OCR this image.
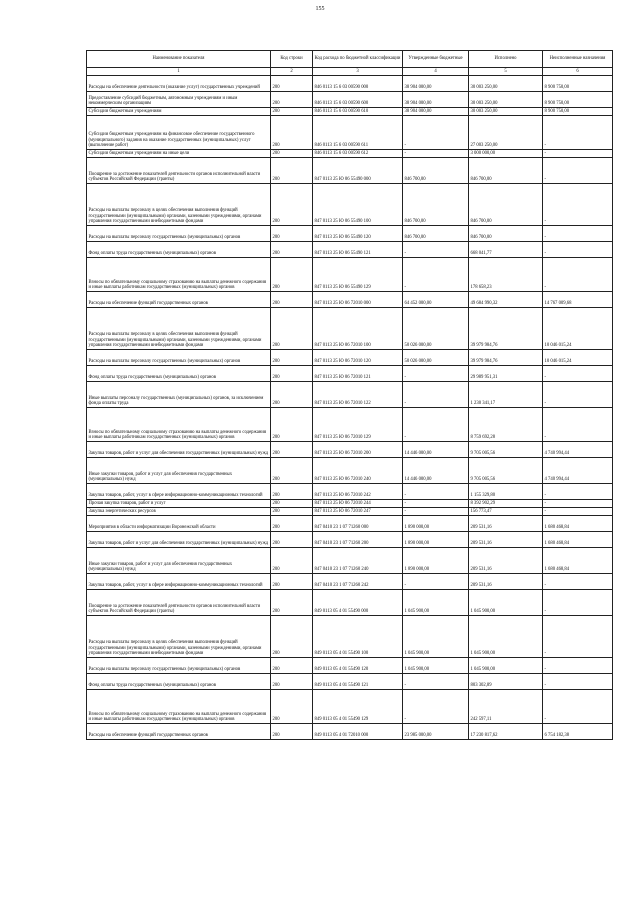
155
Наименование показателя	Код строки	Код расхода по бюджетной классификации	Утвержденные бюджетные	Исполнено	Неисполненные назначения
1	2	3	4	5	6
Расходы на обеспечение деятельности (оказание услуг) государственных учреждений	200	846 0113 15 6 03 00590 000	38 904 000,00	30 003 250,00	8 900 750,00
Предоставление субсидий бюджетным, автономным учреждениям и иным некоммерческим организациям	200	846 0113 15 6 03 00590 600	38 904 000,00	30 003 250,00	8 900 750,00
Субсидии бюджетным учреждениям	200	846 0113 15 6 03 00590 610	38 904 000,00	30 003 250,00	8 900 750,00
Субсидии бюджетным учреждениям на финансовое обеспечение государственного (муниципального) задания на оказание государственных (муниципальных) услуг (выполнение работ)	200	846 0113 15 6 03 00590 611	-	27 003 250,00	-
Субсидии бюджетным учреждениям на иные цели	200	846 0113 15 6 03 00590 612	-	3 000 000,00	-
Поощрение за достижение показателей деятельности органов исполнительной власти субъектов Российской Федерации (гранты)	200	847 0113 25 Ю 06 55490 000	846 700,00	846 700,00	-
Расходы на выплаты персоналу в целях обеспечения выполнения функций государственными (муниципальными) органами, казенными учреждениями, органами управления государственными внебюджетными фондами	200	847 0113 25 Ю 06 55490 100	846 700,00	846 700,00	-
Расходы на выплаты персоналу государственных (муниципальных) органов	200	847 0113 25 Ю 06 55490 120	846 700,00	846 700,00	-
Фонд оплаты труда государственных (муниципальных) органов	200	847 0113 25 Ю 06 55490 121	-	668 041,77	-
Взносы по обязательному социальному страхованию на выплаты денежного содержания и иные выплаты работникам государственных (муниципальных) органов	200	847 0113 25 Ю 06 55490 129	-	178 658,23	-
Расходы на обеспечение функций государственных органов	200	847 0113 25 Ю 06 72010 000	64 452 000,00	49 684 990,32	14 767 009,68
Расходы на выплаты персоналу в целях обеспечения выполнения функций государственными (муниципальными) органами, казенными учреждениями, органами управления государственными внебюджетными фондами	200	847 0113 25 Ю 06 72010 100	50 026 000,00	39 979 984,76	10 046 015,24
Расходы на выплаты персоналу государственных (муниципальных) органов	200	847 0113 25 Ю 06 72010 120	50 026 000,00	39 979 984,76	10 046 015,24
Фонд оплаты труда государственных (муниципальных) органов	200	847 0113 25 Ю 06 72010 121	-	29 989 951,31	-
Иные выплаты персоналу государственных (муниципальных) органов, за исключением фонда оплаты труда	200	847 0113 25 Ю 06 72010 122	-	1 230 341,17	-
Взносы по обязательному социальному страхованию на выплаты денежного содержания и иные выплаты работникам государственных (муниципальных) органов	200	847 0113 25 Ю 06 72010 129	-	8 759 692,28	-
Закупка товаров, работ и услуг для обеспечения государственных (муниципальных) нужд	200	847 0113 25 Ю 06 72010 200	14 446 000,00	9 705 005,56	4 740 994,44
Иные закупки товаров, работ и услуг для обеспечения государственных (муниципальных) нужд	200	847 0113 25 Ю 06 72010 240	14 446 000,00	9 705 005,56	4 740 994,44
Закупка товаров, работ, услуг в сфере информационно-коммуникационных технологий	200	847 0113 25 Ю 06 72010 242	-	1 155 329,80	-
Прочая закупка товаров, работ и услуг	200	847 0113 25 Ю 06 72010 244	-	8 392 902,29	-
Закупка энергетических ресурсов	200	847 0113 25 Ю 06 72010 247	-	156 773,47	-
Мероприятия в области информатизации Воронежской области	200	847 0410 23 1 07 71260 000	1 890 000,00	209 531,16	1 680 468,84
Закупка товаров, работ и услуг для обеспечения государственных (муниципальных) нужд	200	847 0410 23 1 07 71260 200	1 890 000,00	209 531,16	1 680 468,84
Иные закупки товаров, работ и услуг для обеспечения государственных (муниципальных) нужд	200	847 0410 23 1 07 71260 240	1 890 000,00	209 531,16	1 680 468,84
Закупка товаров, работ, услуг в сфере информационно-коммуникационных технологий	200	847 0410 23 1 07 71260 242	-	209 531,16	-
Поощрение за достижение показателей деятельности органов исполнительной власти субъектов Российской Федерации (гранты)	200	849 0113 05 4 01 55490 000	1 045 900,00	1 045 900,00	-
Расходы на выплаты персоналу в целях обеспечения выполнения функций государственными (муниципальными) органами, казенными учреждениями, органами управления государственными внебюджетными фондами	200	849 0113 05 4 01 55490 100	1 045 900,00	1 045 900,00	-
Расходы на выплаты персоналу государственных (муниципальных) органов	200	849 0113 05 4 01 55490 120	1 045 900,00	1 045 900,00	-
Фонд оплаты труда государственных (муниципальных) органов	200	849 0113 05 4 01 55490 121	-	803 302,89	-
Взносы по обязательному социальному страхованию на выплаты денежного содержания и иные выплаты работникам государственных (муниципальных) органов	200	849 0113 05 4 01 55490 129	-	242 597,11	-
Расходы на обеспечение функций государственных органов	200	849 0113 05 4 01 72010 000	23 985 000,00	17 230 817,62	6 754 182,38
